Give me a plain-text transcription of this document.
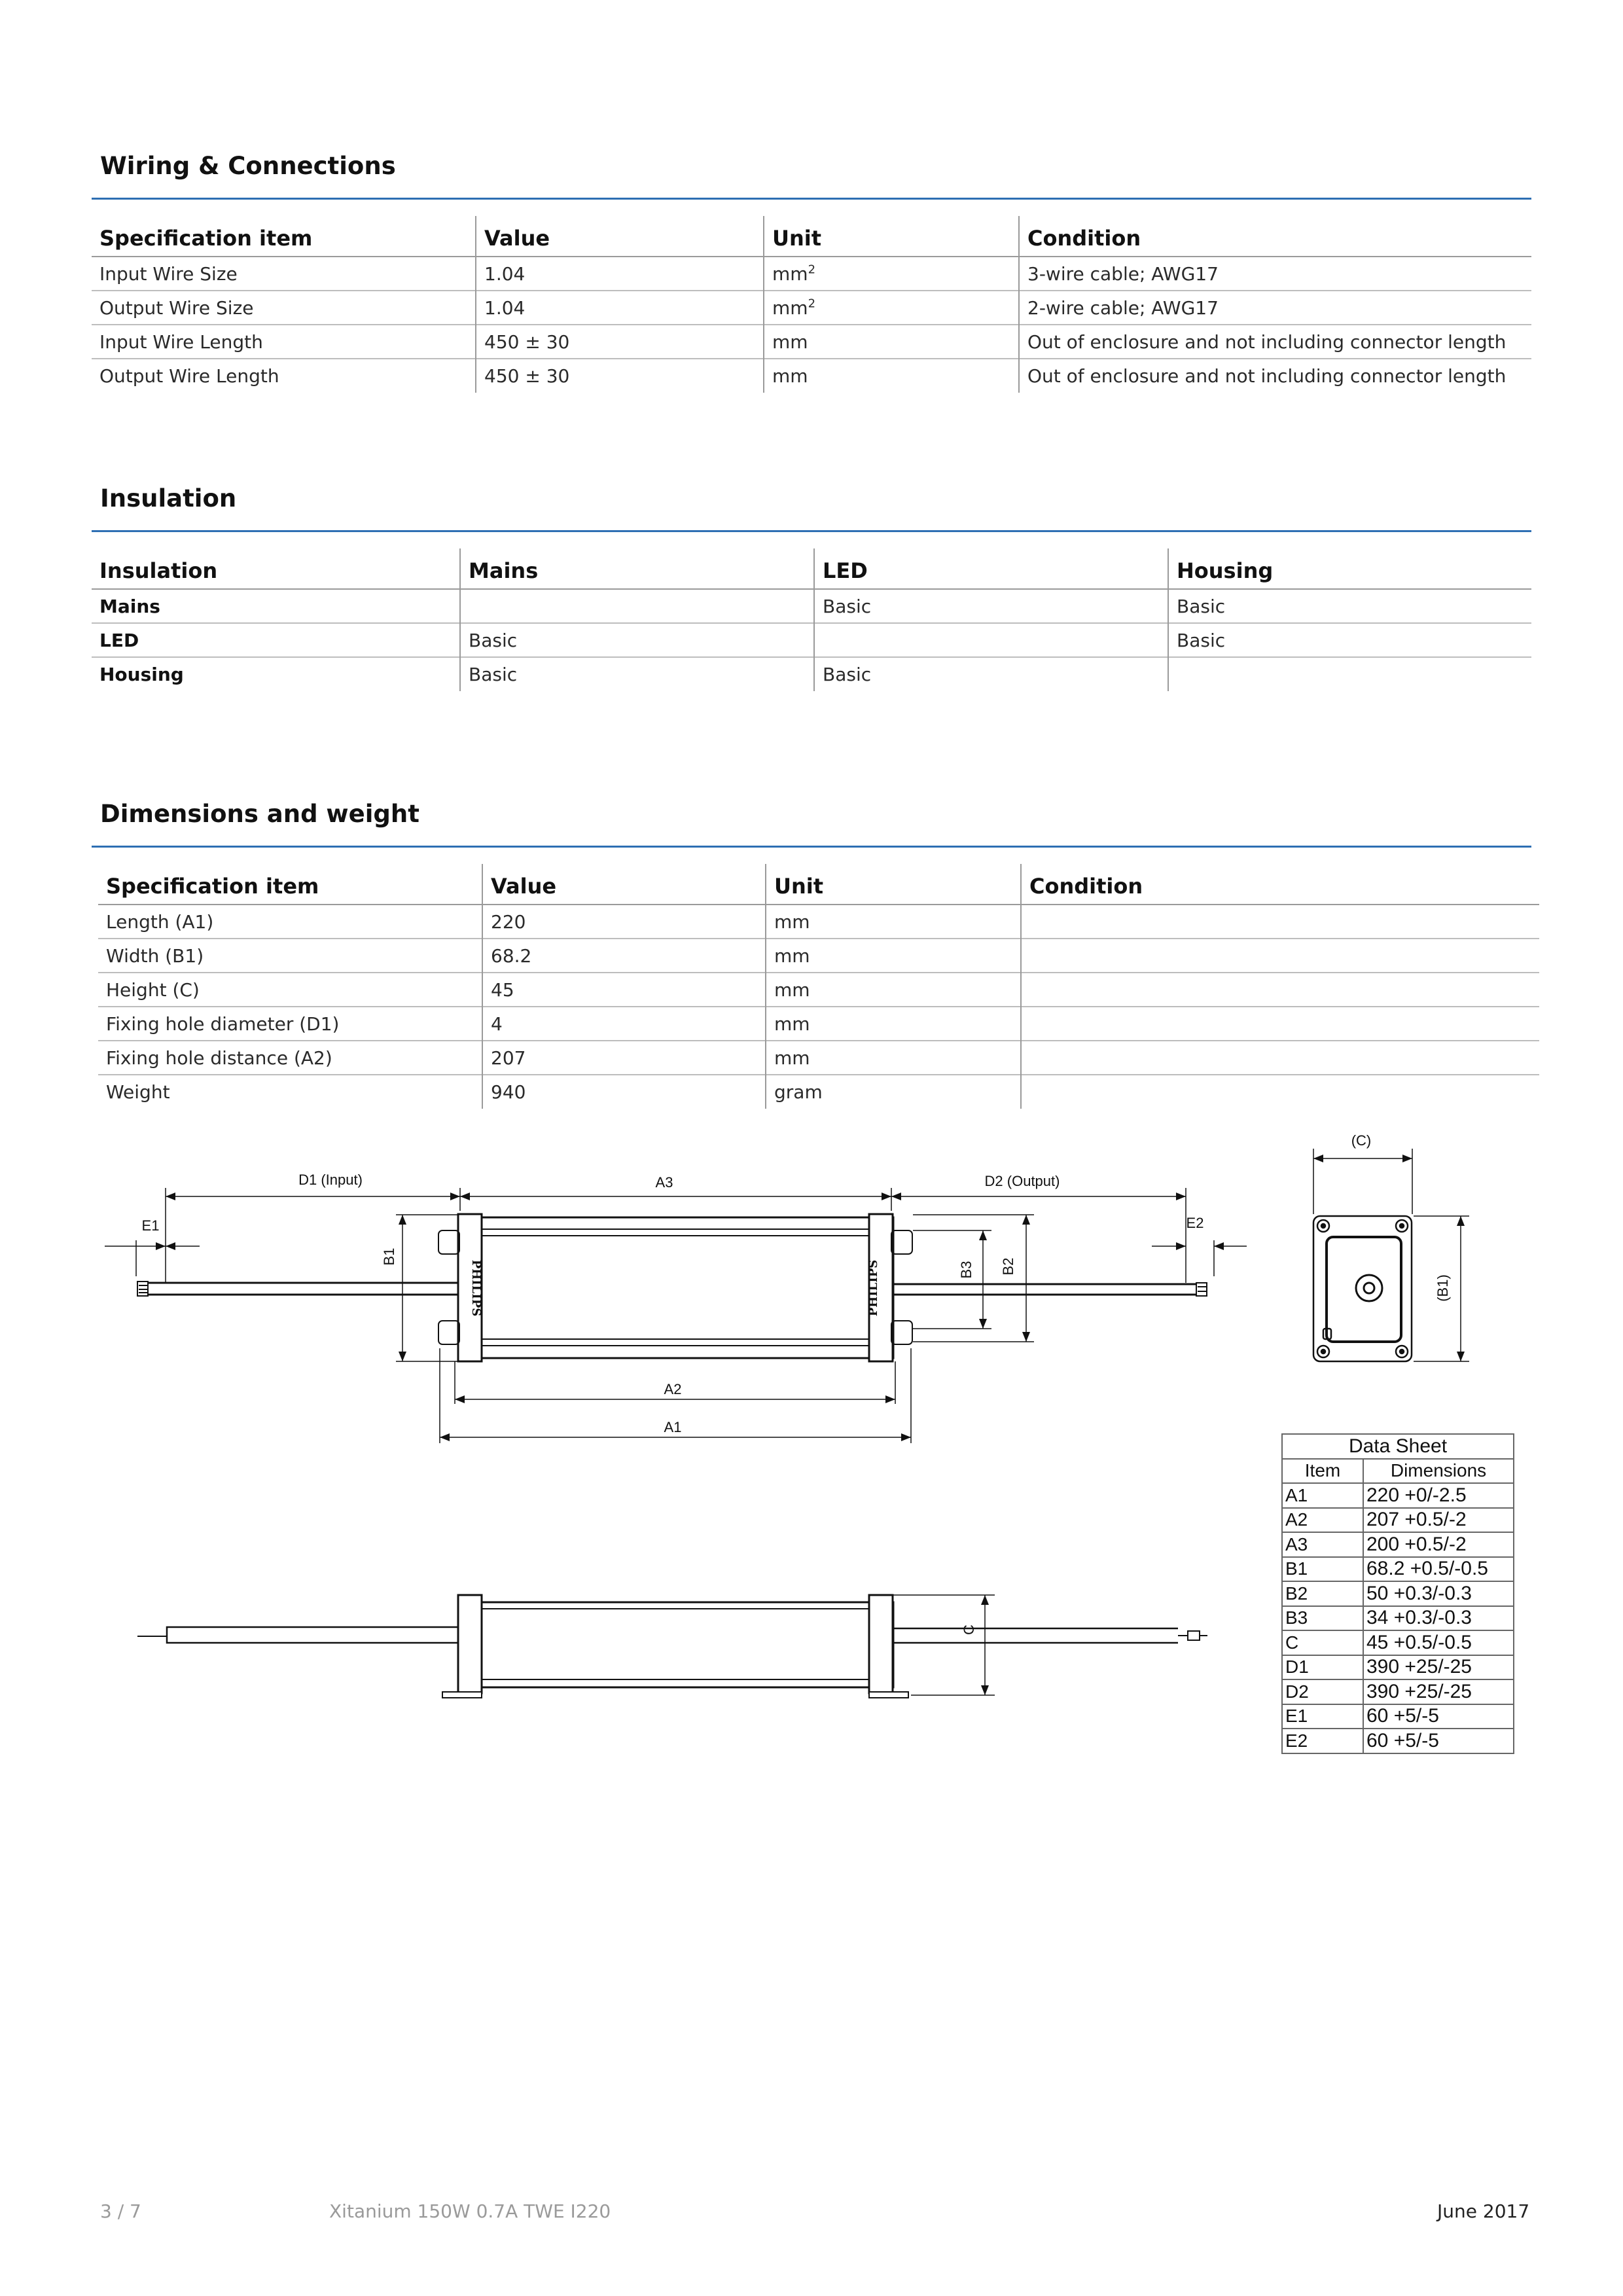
Wiring & Connections
Specification item	Value	Unit	Condition
Input Wire Size	1.04	$mm^2$	3-wire cable; AWG17
Output Wire Size	1.04	$mm^2$	2-wire cable; AWG17
Input Wire Length	450 ± 30	mm	Out of enclosure and not including connector length
Output Wire Length	450 ± 30	mm	Out of enclosure and not including connector length
Insulation
Insulation	Mains	LED	Housing
Mains		Basic	Basic
LED	Basic		Basic
Housing	Basic	Basic	
Dimensions and weight
Specification item	Value	Unit	Condition
Length (A1)	220	mm	
Width (B1)	68.2	mm	
Height (C)	45	mm	
Fixing hole diameter (D1)	4	mm	
Fixing hole distance (A2)	207	mm	
Weight	940	gram	
PHILIPS	PHILIPS
D1 (Input)	A3	D2 (Output)
E1	E2
B1
B3 B2
A2
A1
(C)
(B1)
C
Data Sheet	
Item	Dimensions
A1	220 +0/-2.5
A2	207 +0.5/-2
A3	200 +0.5/-2
B1	68.2 +0.5/-0.5
B2	50 +0.3/-0.3
B3	34 +0.3/-0.3
C	45 +0.5/-0.5
D1	390 +25/-25
D2	390 +25/-25
E1	60 +5/-5
E2	60 +5/-5
3 / 7	Xitanium 150W 0.7A TWE I220	June 2017
